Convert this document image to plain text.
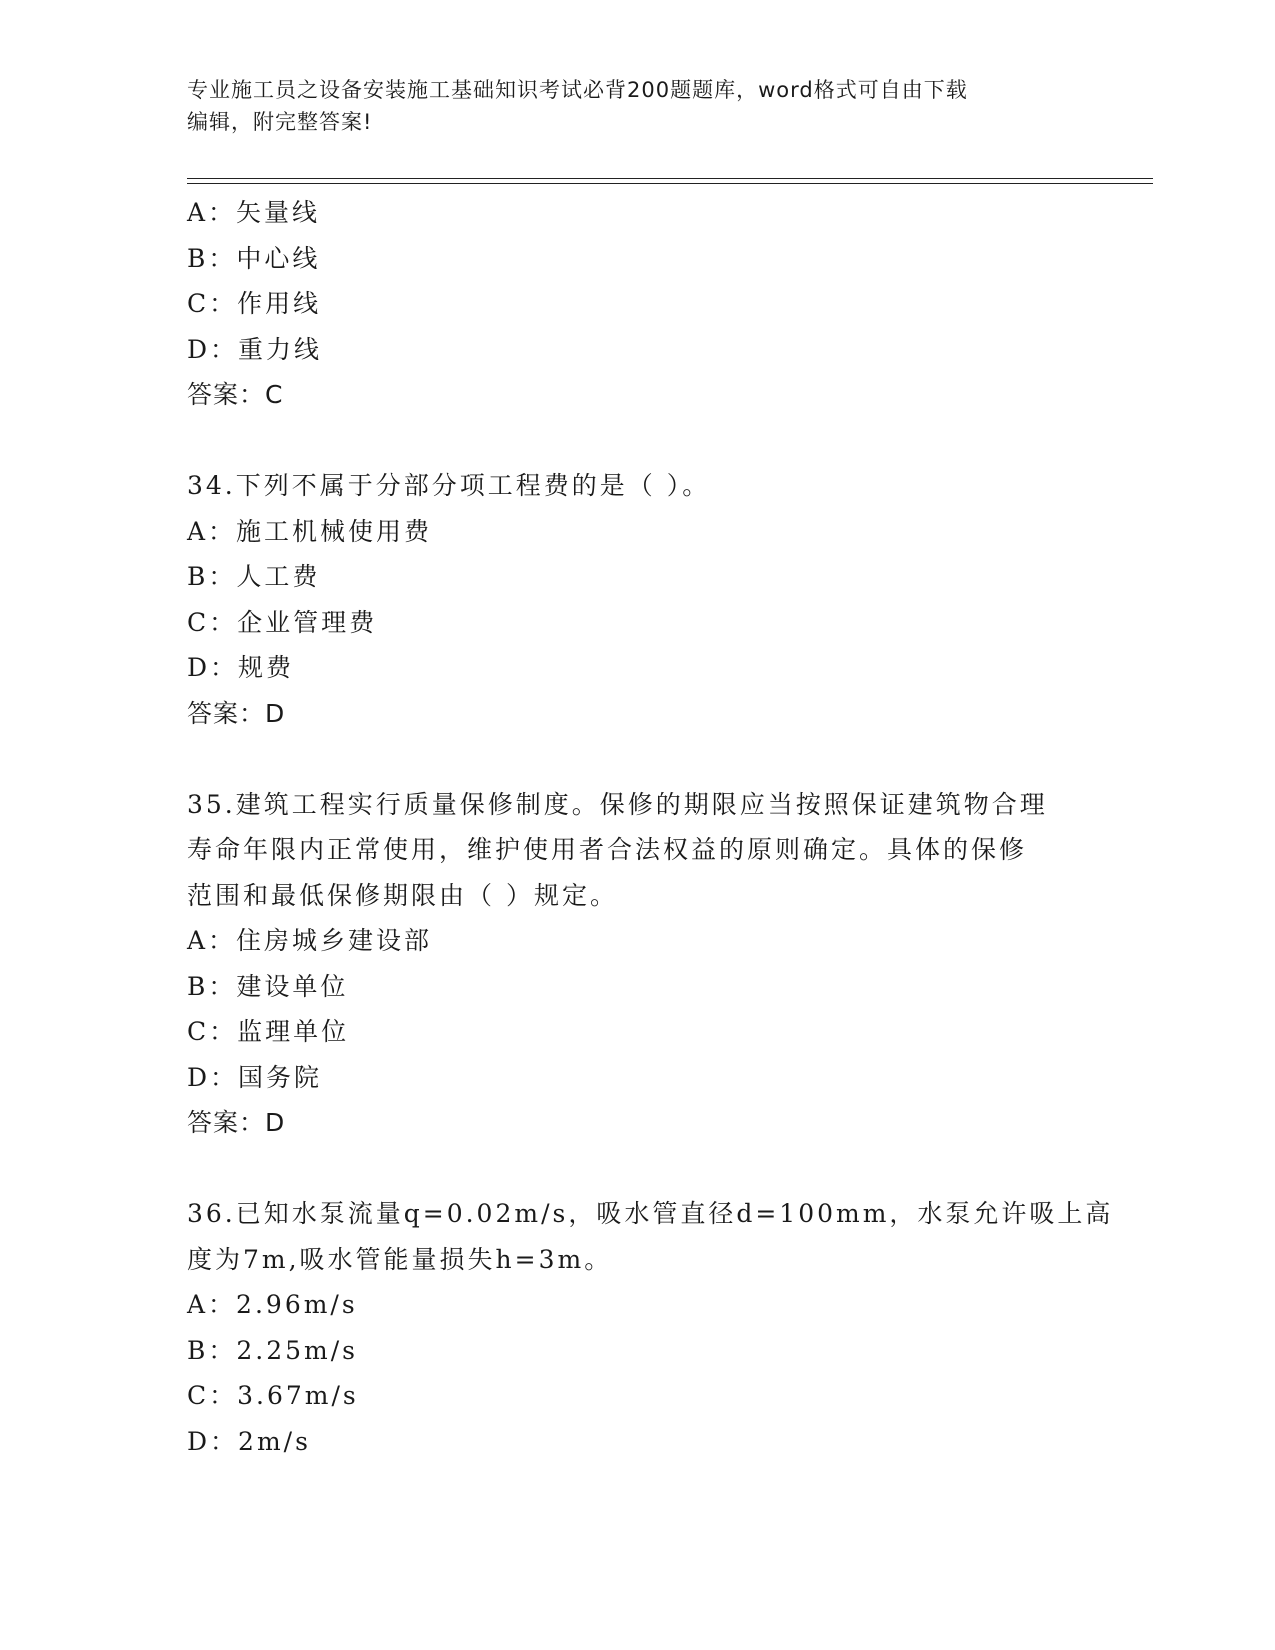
专业施工员之设备安装施工基础知识考试必背200题题库，word格式可自由下载
编辑，附完整答案!
A：矢量线
B：中心线
C：作用线
D：重力线
答案：C
34.下列不属于分部分项工程费的是（ ）。
A：施工机械使用费
B：人工费
C：企业管理费
D：规费
答案：D
35.建筑工程实行质量保修制度。保修的期限应当按照保证建筑物合理
寿命年限内正常使用，维护使用者合法权益的原则确定。具体的保修
范围和最低保修期限由（ ）规定。
A：住房城乡建设部
B：建设单位
C：监理单位
D：国务院
答案：D
36.已知水泵流量q=0.02m/s，吸水管直径d=100mm，水泵允许吸上高
度为7m,吸水管能量损失h=3m。
A：2.96m/s
B：2.25m/s
C：3.67m/s
D：2m/s
